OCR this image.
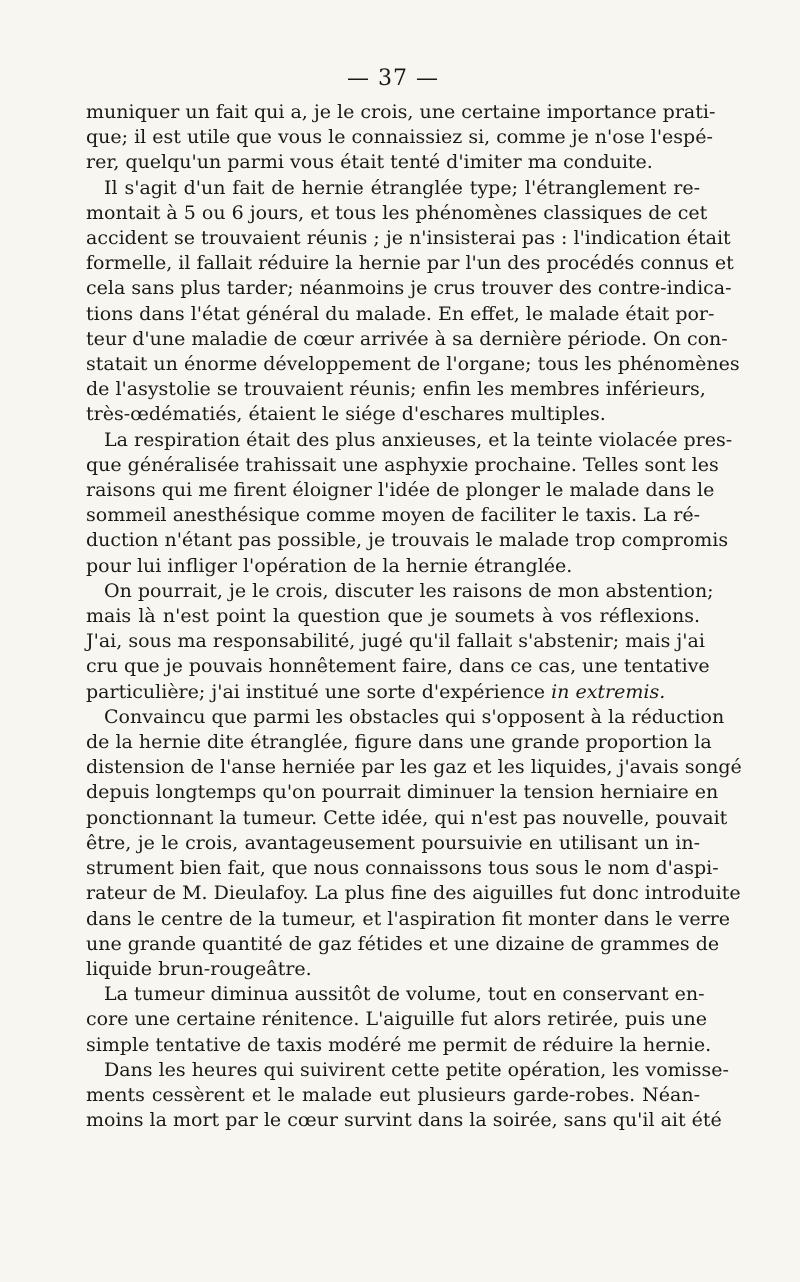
— 37 —

muniquer un fait qui a, je le crois, une certaine importance prati-

que; il est utile que vous le connaissiez si, comme je n'ose l'espé-

rer, quelqu'un parmi vous était tenté d'imiter ma conduite.

Il s'agit d'un fait de hernie étranglée type; l'étranglement re-

montait à 5 ou 6 jours, et tous les phénomènes classiques de cet

accident se trouvaient réunis ; je n'insisterai pas : l'indication était

formelle, il fallait réduire la hernie par l'un des procédés connus et

cela sans plus tarder; néanmoins je crus trouver des contre-indica-

tions dans l'état général du malade. En effet, le malade était por-

teur d'une maladie de cœur arrivée à sa dernière période. On con-

statait un énorme développement de l'organe; tous les phénomènes

de l'asystolie se trouvaient réunis; enfin les membres inférieurs,

très-œdématiés, étaient le siége d'eschares multiples.

La respiration était des plus anxieuses, et la teinte violacée pres-

que généralisée trahissait une asphyxie prochaine. Telles sont les

raisons qui me firent éloigner l'idée de plonger le malade dans le

sommeil anesthésique comme moyen de faciliter le taxis. La ré-

duction n'étant pas possible, je trouvais le malade trop compromis

pour lui infliger l'opération de la hernie étranglée.

On pourrait, je le crois, discuter les raisons de mon abstention;

mais là n'est point la question que je soumets à vos réflexions.

J'ai, sous ma responsabilité, jugé qu'il fallait s'abstenir; mais j'ai

cru que je pouvais honnêtement faire, dans ce cas, une tentative

particulière; j'ai institué une sorte d'expérience in extremis.

Convaincu que parmi les obstacles qui s'opposent à la réduction

de la hernie dite étranglée, figure dans une grande proportion la

distension de l'anse herniée par les gaz et les liquides, j'avais songé

depuis longtemps qu'on pourrait diminuer la tension herniaire en

ponctionnant la tumeur. Cette idée, qui n'est pas nouvelle, pouvait

être, je le crois, avantageusement poursuivie en utilisant un in-

strument bien fait, que nous connaissons tous sous le nom d'aspi-

rateur de M. Dieulafoy. La plus fine des aiguilles fut donc introduite

dans le centre de la tumeur, et l'aspiration fit monter dans le verre

une grande quantité de gaz fétides et une dizaine de grammes de

liquide brun-rougeâtre.

La tumeur diminua aussitôt de volume, tout en conservant en-

core une certaine rénitence. L'aiguille fut alors retirée, puis une

simple tentative de taxis modéré me permit de réduire la hernie.

Dans les heures qui suivirent cette petite opération, les vomisse-

ments cessèrent et le malade eut plusieurs garde-robes. Néan-

moins la mort par le cœur survint dans la soirée, sans qu'il ait été
